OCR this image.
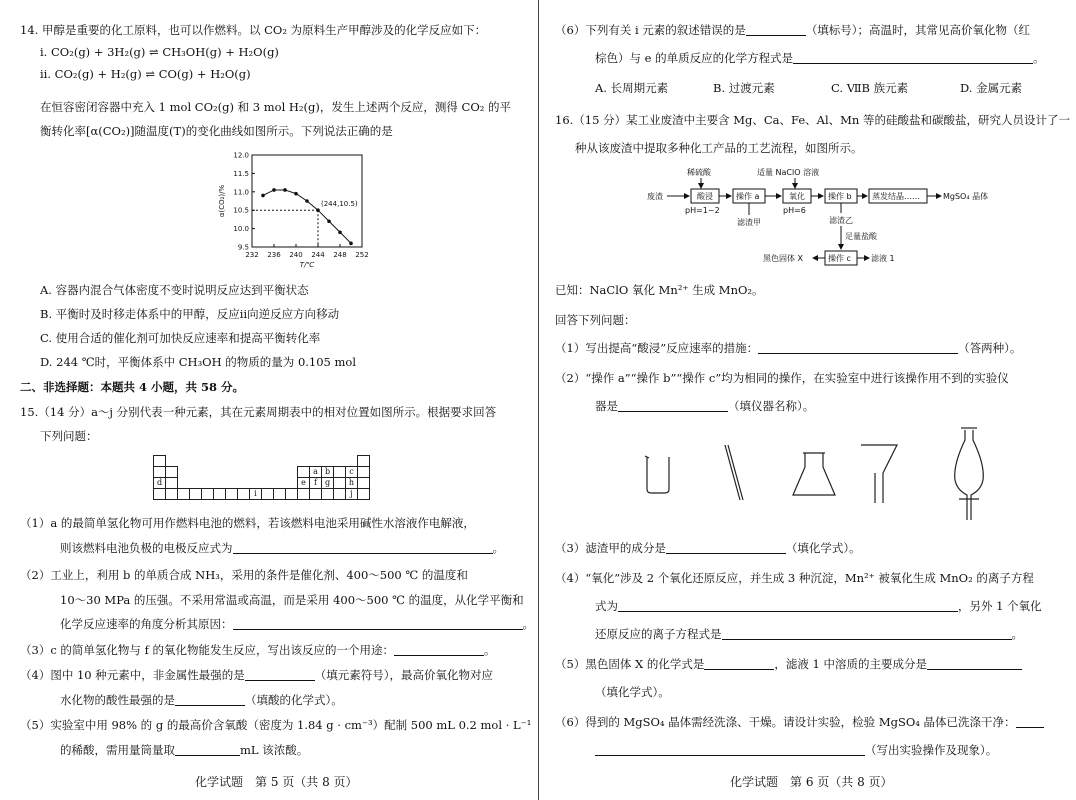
14. 甲醇是重要的化工原料，也可以作燃料。以 CO₂ 为原料生产甲醇涉及的化学反应如下：
ⅰ. CO₂(g) + 3H₂(g) ⇌ CH₃OH(g) + H₂O(g)
ⅱ. CO₂(g) + H₂(g) ⇌ CO(g) + H₂O(g)
在恒容密闭容器中充入 1 mol CO₂(g) 和 3 mol H₂(g)，发生上述两个反应，测得 CO₂ 的平
衡转化率[α(CO₂)]随温度(T)的变化曲线如图所示。下列说法正确的是
232 236 240 244 248 252
9.5
10.0
10.5
11.0
11.5
12.0
T/℃
α(CO₂)/%	(244,10.5)
A. 容器内混合气体密度不变时说明反应达到平衡状态
B. 平衡时及时移走体系中的甲醇，反应ⅱ向逆反应方向移动
C. 使用合适的催化剂可加快反应速率和提高平衡转化率
D. 244 ℃时，平衡体系中 CH₃OH 的物质的量为 0.105 mol
二、非选择题：本题共 4 小题，共 58 分。
15.（14 分）a～j 分别代表一种元素，其在元素周期表中的相对位置如图所示。根据要求回答
下列问题：

													a	b		c	
d												e	f	g		h	
								i								j	
（1）a 的最简单氢化物可用作燃料电池的燃料，若该燃料电池采用碱性水溶液作电解液，
则该燃料电池负极的电极反应式为	。
（2）工业上，利用 b 的单质合成 NH₃，采用的条件是催化剂、400～500 ℃ 的温度和
10～30 MPa 的压强。不采用常温或高温，而是采用 400～500 ℃ 的温度，从化学平衡和
化学反应速率的角度分析其原因：	。
（3）c 的简单氢化物与 f 的氧化物能发生反应，写出该反应的一个用途：	。
（4）图中 10 种元素中，非金属性最强的是	（填元素符号），最高价氧化物对应
水化物的酸性最强的是	（填酸的化学式）。
（5）实验室中用 98% 的 g 的最高价含氧酸（密度为 1.84 g · cm⁻³）配制 500 mL 0.2 mol · L⁻¹
的稀酸，需用量筒量取	mL 该浓酸。
化学试题　第 5 页（共 8 页）
（6）下列有关 i 元素的叙述错误的是	（填标号）；高温时，其常见高价氧化物（红
棕色）与 e 的单质反应的化学方程式是	。
A. 长周期元素	B. 过渡元素	C. ⅦB 族元素	D. 金属元素
16.（15 分）某工业废渣中主要含 Mg、Ca、Fe、Al、Mn 等的硅酸盐和碳酸盐，研究人员设计了一
种从该废渣中提取多种化工产品的工艺流程，如图所示。
废渣
稀硫酸
酸浸
pH=1~2
操作 a
滤渣甲
适量 NaClO 溶液
氧化
pH=6
操作 b	蒸发结晶……	MgSO₄ 晶体
滤渣乙
足量盐酸
操作 c
黑色固体 X	滤液 1
已知：NaClO 氧化 Mn²⁺ 生成 MnO₂。
回答下列问题：
（1）写出提高“酸浸”反应速率的措施：	（答两种）。
（2）“操作 a”“操作 b”“操作 c”均为相同的操作，在实验室中进行该操作用不到的实验仪
器是	（填仪器名称）。
（3）滤渣甲的成分是	（填化学式）。
（4）“氧化”涉及 2 个氧化还原反应，并生成 3 种沉淀，Mn²⁺ 被氧化生成 MnO₂ 的离子方程
式为	，另外 1 个氧化
还原反应的离子方程式是	。
（5）黑色固体 X 的化学式是	，滤液 1 中溶质的主要成分是
（填化学式）。
（6）得到的 MgSO₄ 晶体需经洗涤、干燥。请设计实验，检验 MgSO₄ 晶体已洗涤干净：
（写出实验操作及现象）。
化学试题　第 6 页（共 8 页）
